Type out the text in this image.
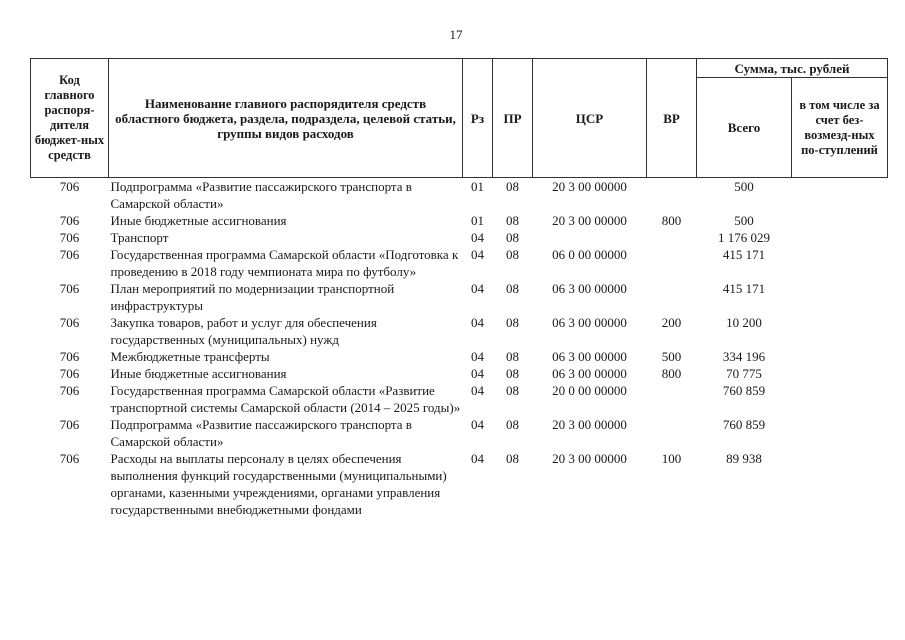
17
Код главного распоря-дителя бюджет-ных средств	Наименование главного распорядителя средств областного бюджета, раздела, подраздела, целевой статьи, группы видов расходов	Рз	ПР	ЦСР	ВР	Сумма, тыс. рублей	
						Всего	в том числе за счет без-возмезд-ных по-ступлений
706	Подпрограмма «Развитие пассажирского транспорта в Самарской области»	01	08	20 3 00 00000		500	
706	Иные бюджетные ассигнования	01	08	20 3 00 00000	800	500	
706	Транспорт	04	08			1 176 029	
706	Государственная программа Самарской области «Подготовка к проведению в 2018 году чемпионата мира по футболу»	04	08	06 0 00 00000		415 171	
706	План мероприятий по модернизации транспортной инфраструктуры	04	08	06 3 00 00000		415 171	
706	Закупка товаров, работ и услуг для обеспечения государственных (муниципальных) нужд	04	08	06 3 00 00000	200	10 200	
706	Межбюджетные трансферты	04	08	06 3 00 00000	500	334 196	
706	Иные бюджетные ассигнования	04	08	06 3 00 00000	800	70 775	
706	Государственная программа Самарской области «Развитие транспортной системы Самарской области (2014 – 2025 годы)»	04	08	20 0 00 00000		760 859	
706	Подпрограмма «Развитие пассажирского транспорта в Самарской области»	04	08	20 3 00 00000		760 859	
706	Расходы на выплаты персоналу в целях обеспечения выполнения функций государственными (муниципальными) органами, казенными учреждениями, органами управления государственными внебюджетными фондами	04	08	20 3 00 00000	100	89 938	
